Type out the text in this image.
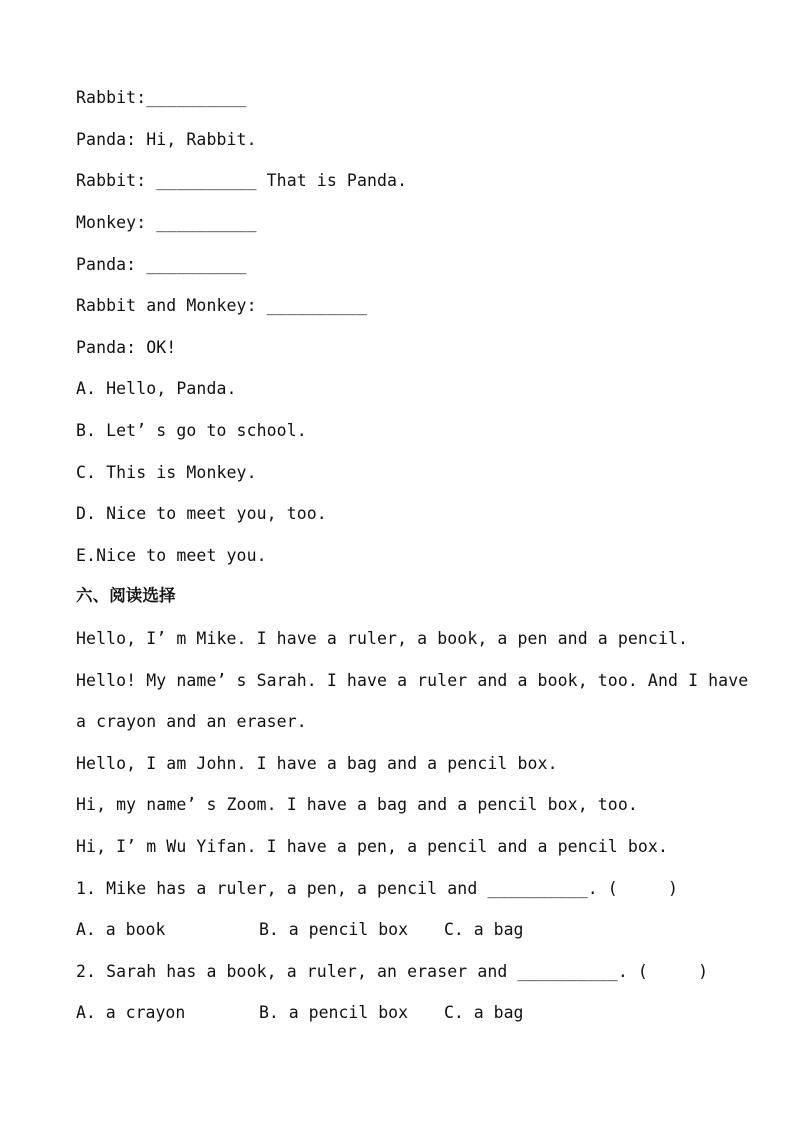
Rabbit:__________
Panda: Hi, Rabbit.
Rabbit: __________ That is Panda.
Monkey: __________
Panda: __________
Rabbit and Monkey: __________
Panda: OK!
A. Hello, Panda.
B. Let’ s go to school.
C. This is Monkey.
D. Nice to meet you, too.
E.Nice to meet you.
六、阅读选择
Hello, I’ m Mike. I have a ruler, a book, a pen and a pencil.
Hello! My name’ s Sarah. I have a ruler and a book, too. And I have
a crayon and an eraser.
Hello, I am John. I have a bag and a pencil box.
Hi, my name’ s Zoom. I have a bag and a pencil box, too.
Hi, I’ m Wu Yifan. I have a pen, a pencil and a pencil box.
1. Mike has a ruler, a pen, a pencil and __________. (     )
A. a book	B. a pencil box C. a bag
2. Sarah has a book, a ruler, an eraser and __________. (     )
A. a crayon	B. a pencil box C. a bag
